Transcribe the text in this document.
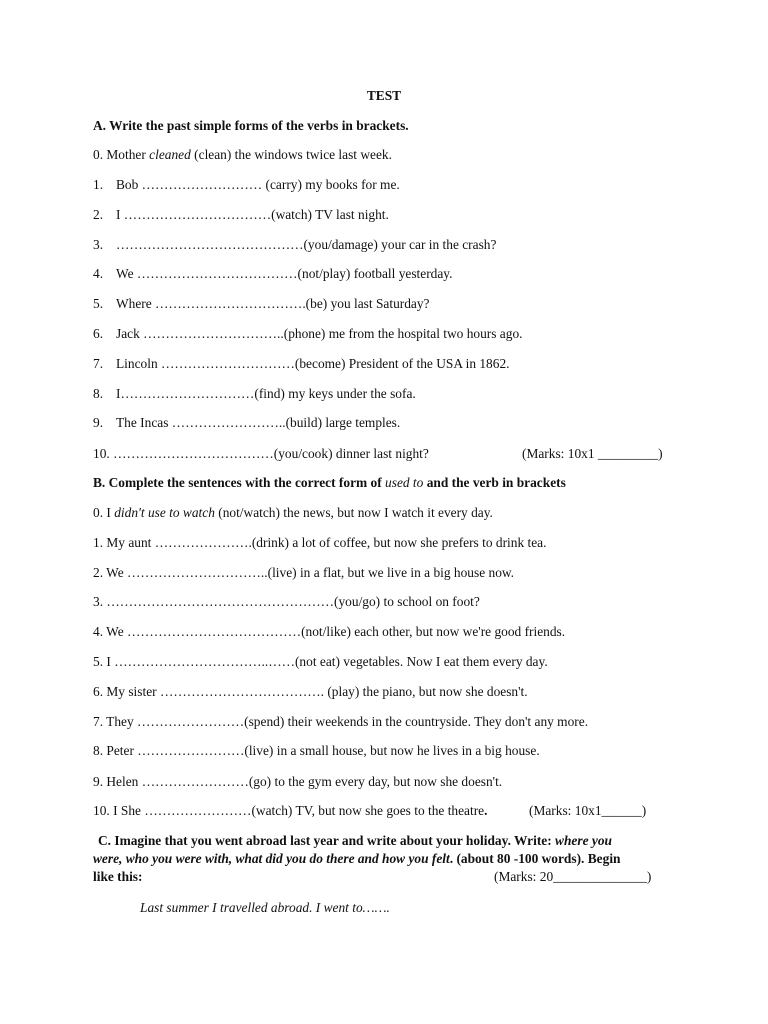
TEST
A. Write the past simple forms of the verbs in brackets.
0. Mother cleaned (clean) the windows twice last week.
1. Bob ……………………… (carry) my books for me.
2. I ……………………………(watch) TV last night.
3. ……………………………………(you/damage) your car in the crash?
4. We ………………………………(not/play) football yesterday.
5. Where …………………………….(be) you last Saturday?
6. Jack …………………………..(phone) me from the hospital two hours ago.
7. Lincoln …………………………(become) President of the USA in 1862.
8. I…………………………(find) my keys under the sofa.
9. The Incas ……………………..(build) large temples.
10. ………………………………(you/cook) dinner last night?	(Marks: 10x1 _________)
B. Complete the sentences with the correct form of used to and the verb in brackets
0. I didn't use to watch (not/watch) the news, but now I watch it every day.
1. My aunt ………………….(drink) a lot of coffee, but now she prefers to drink tea.
2. We …………………………..(live) in a flat, but we live in a big house now.
3. ……………………………………………(you/go) to school on foot?
4. We …………………………………(not/like) each other, but now we're good friends.
5. I ……………………………..……(not eat) vegetables. Now I eat them every day.
6. My sister ………………………………. (play) the piano, but now she doesn't.
7. They ……………………(spend) their weekends in the countryside. They don't any more.
8. Peter ……………………(live) in a small house, but now he lives in a big house.
9. Helen ……………………(go) to the gym every day, but now she doesn't.
10. I She ……………………(watch) TV, but now she goes to the theatre.	(Marks: 10x1______)
C. Imagine that you went abroad last year and write about your holiday. Write: where you
were, who you were with, what did you do there and how you felt. (about 80 -100 words). Begin
like this:	(Marks: 20______________)
Last summer I travelled abroad. I went to…….
